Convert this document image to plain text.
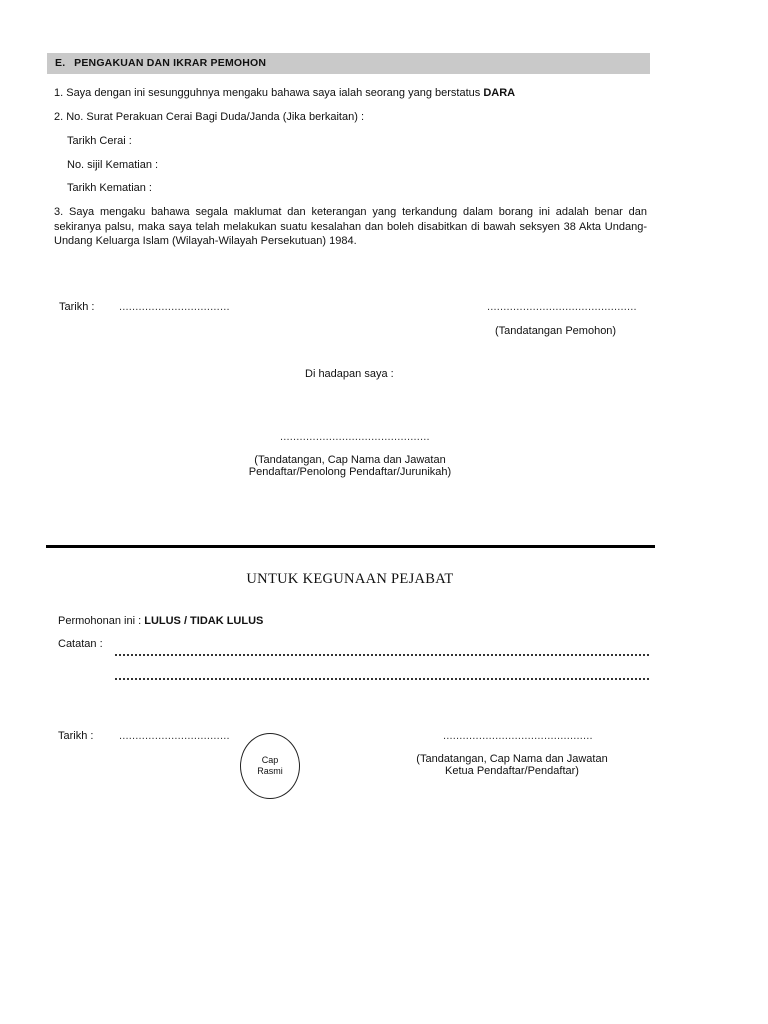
E. PENGAKUAN DAN IKRAR PEMOHON
1. Saya dengan ini sesungguhnya mengaku bahawa saya ialah seorang yang berstatus DARA
2. No. Surat Perakuan Cerai Bagi Duda/Janda (Jika berkaitan) :
Tarikh Cerai :
No. sijil Kematian :
Tarikh Kematian :
3. Saya mengaku bahawa segala maklumat dan keterangan yang terkandung dalam borang ini adalah benar dan sekiranya palsu, maka saya telah melakukan suatu kesalahan dan boleh disabitkan di bawah seksyen 38 Akta Undang-Undang Keluarga Islam (Wilayah-Wilayah Persekutuan) 1984.
Tarikh : ..................................	..............................................
(Tandatangan Pemohon)
Di hadapan saya :
..............................................
(Tandatangan, Cap Nama dan Jawatan
Pendaftar/Penolong Pendaftar/Jurunikah)
UNTUK KEGUNAAN PEJABAT
Permohonan ini : LULUS / TIDAK LULUS
Catatan :
Tarikh : ..................................
Cap
Rasmi
..............................................
(Tandatangan, Cap Nama dan Jawatan
Ketua Pendaftar/Pendaftar)
